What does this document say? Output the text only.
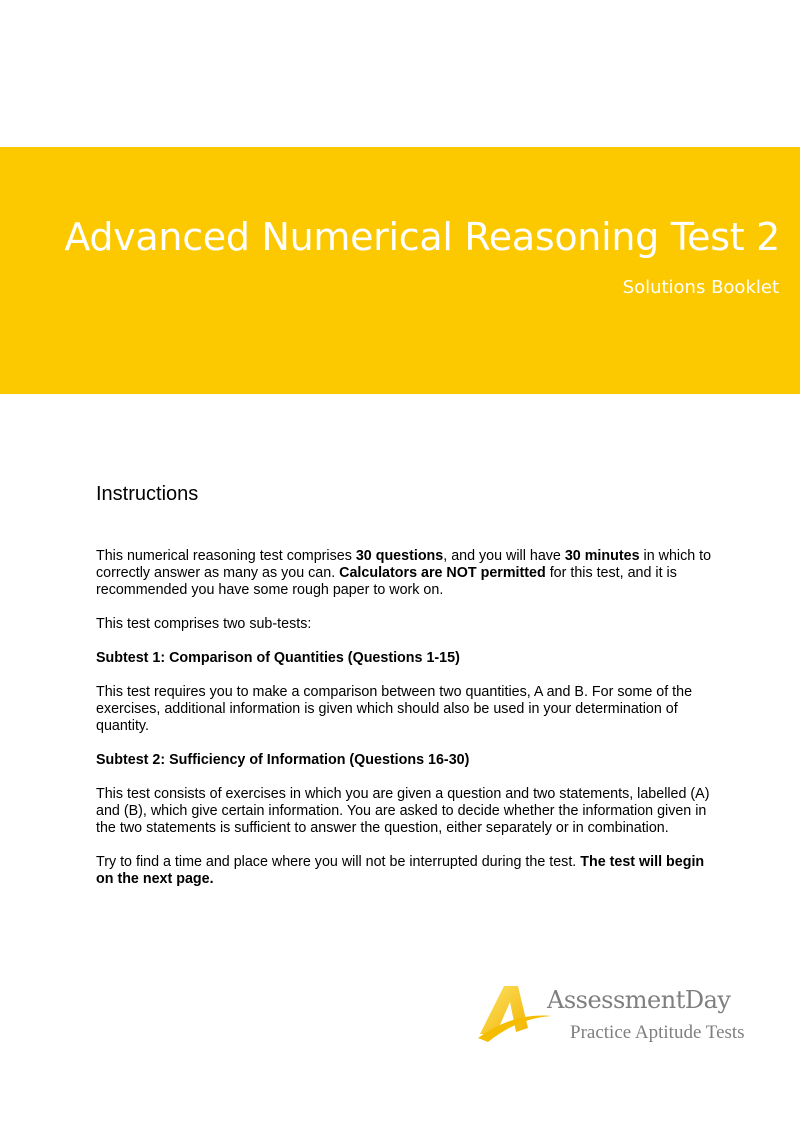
Advanced Numerical Reasoning Test 2
Solutions Booklet
Instructions

This numerical reasoning test comprises 30 questions, and you will have 30 minutes in which to correctly answer as many as you can. Calculators are NOT permitted for this test, and it is recommended you have some rough paper to work on.

This test comprises two sub-tests:

Subtest 1: Comparison of Quantities (Questions 1-15)

This test requires you to make a comparison between two quantities, A and B. For some of the exercises, additional information is given which should also be used in your determination of quantity.

Subtest 2: Sufficiency of Information (Questions 16-30)

This test consists of exercises in which you are given a question and two statements, labelled (A) and (B), which give certain information. You are asked to decide whether the information given in the two statements is sufficient to answer the question, either separately or in combination.

Try to find a time and place where you will not be interrupted during the test. The test will begin on the next page.

AssessmentDay
Practice Aptitude Tests
